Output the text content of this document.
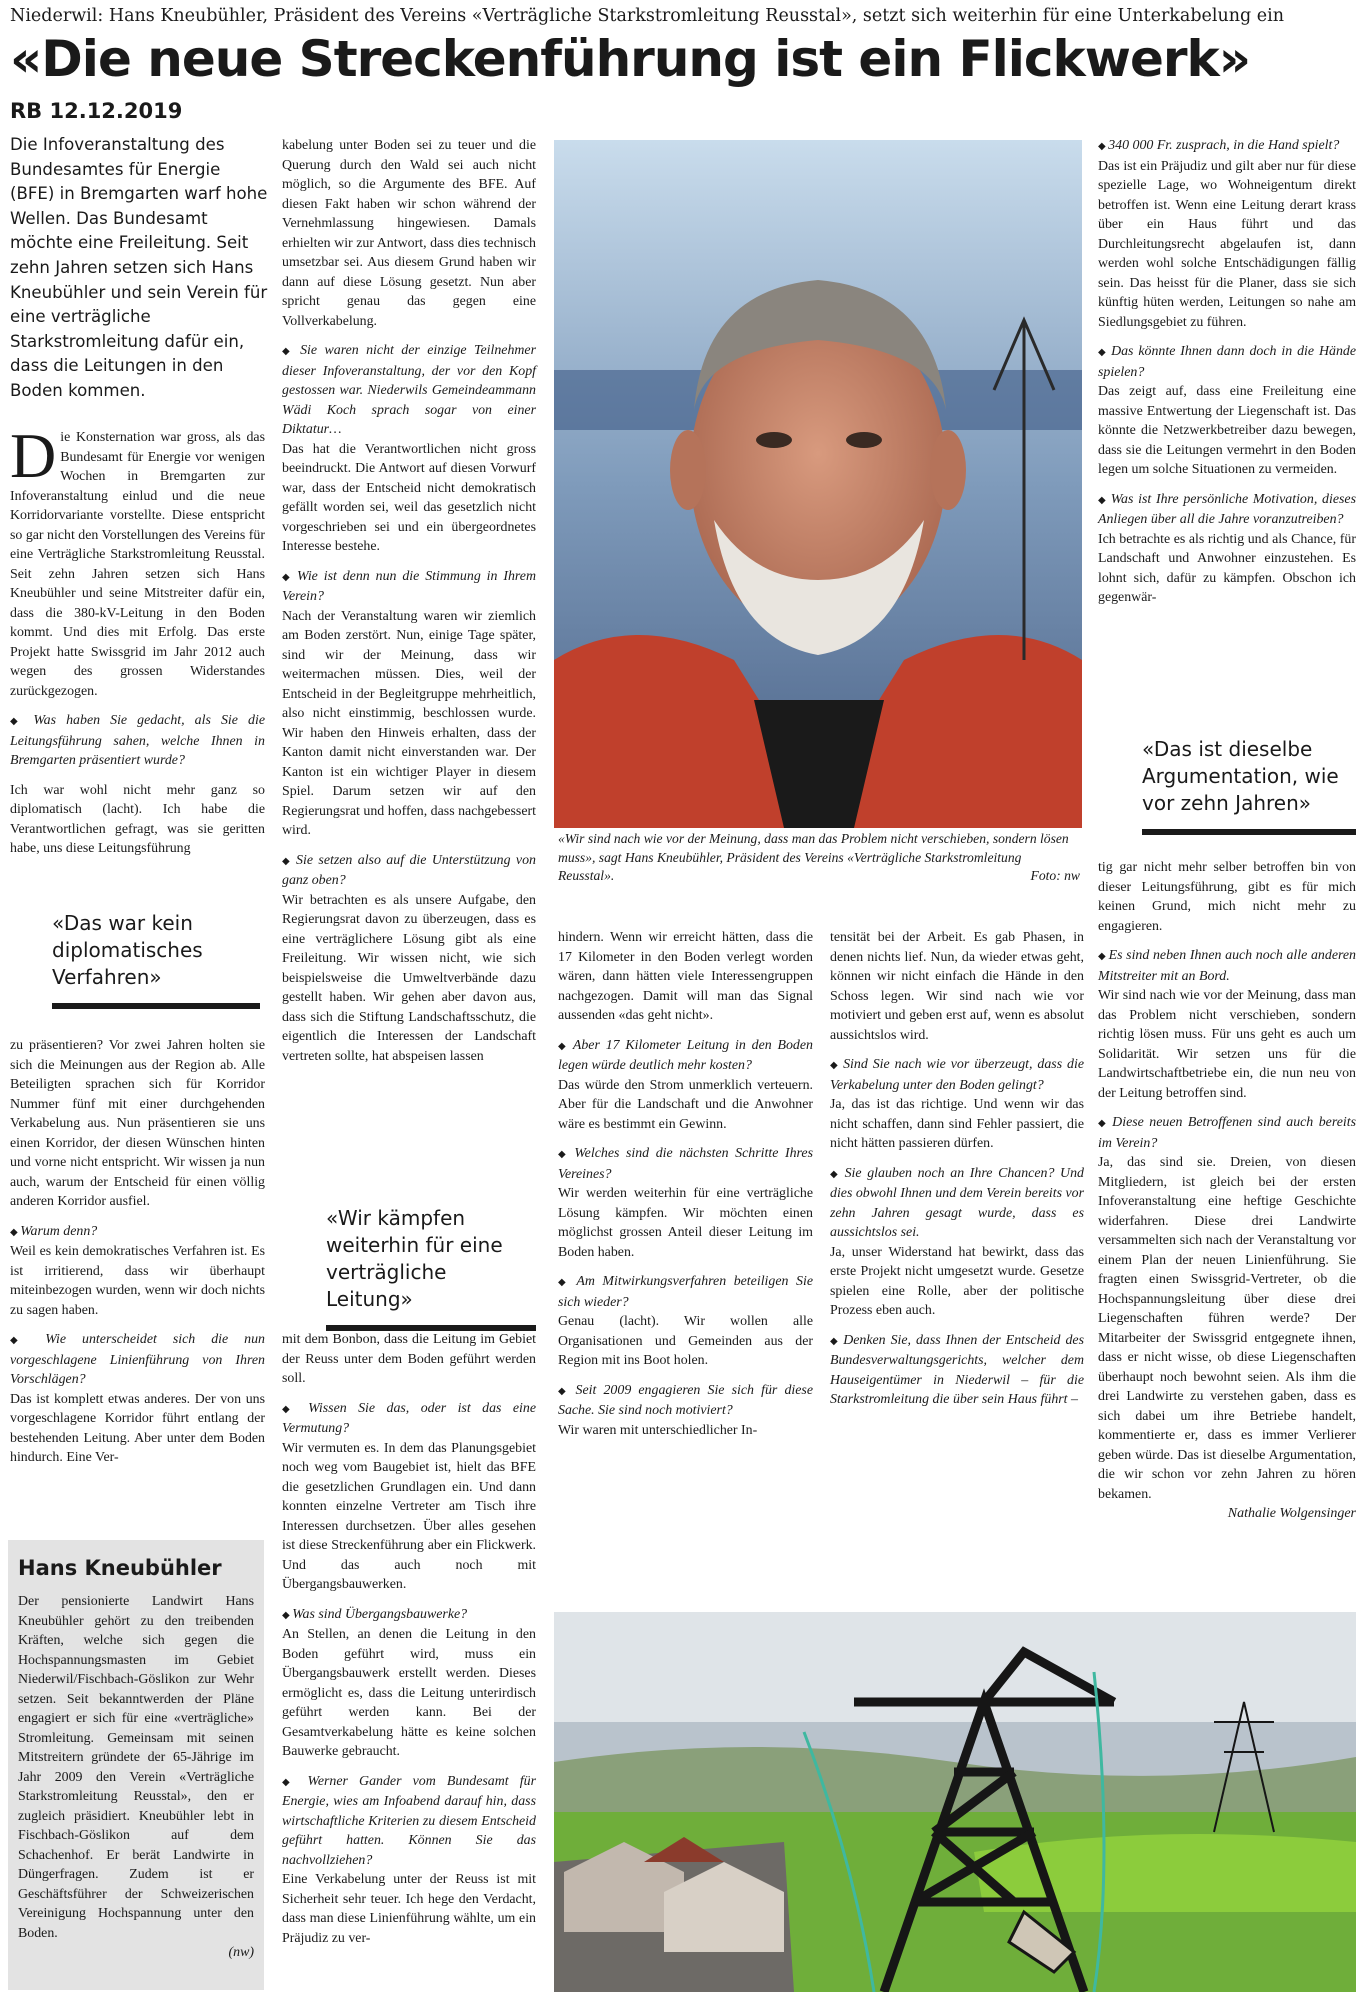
Niederwil: Hans Kneubühler, Präsident des Vereins «Verträgliche Starkstromleitung Reusstal», setzt sich weiterhin für eine Unterkabelung ein
«Die neue Streckenführung ist ein Flickwerk»
RB 12.12.2019
Die Infoveranstaltung des Bundesamtes für Energie (BFE) in Bremgarten warf hohe Wellen. Das Bundesamt möchte eine Freileitung. Seit zehn Jahren setzen sich Hans Kneubühler und sein Verein für eine verträgliche Starkstromleitung dafür ein, dass die Leitungen in den Boden kommen.

Die Konsternation war gross, als das Bundesamt für Energie vor wenigen Wochen in Bremgarten zur Infoveranstaltung einlud und die neue Korridorvariante vorstellte. Diese entspricht so gar nicht den Vorstellungen des Vereins für eine Verträgliche Starkstromleitung Reusstal. Seit zehn Jahren setzen sich Hans Kneubühler und seine Mitstreiter dafür ein, dass die 380-kV-Leitung in den Boden kommt. Und dies mit Erfolg. Das erste Projekt hatte Swissgrid im Jahr 2012 auch wegen des grossen Widerstandes zurückgezogen.

◆ Was haben Sie gedacht, als Sie die Leitungsführung sahen, welche Ihnen in Bremgarten präsentiert wurde?

Ich war wohl nicht mehr ganz so diplomatisch (lacht). Ich habe die Verantwortlichen gefragt, was sie geritten habe, uns diese Leitungsführung

«Das war kein diplomatisches Verfahren»

zu präsentieren? Vor zwei Jahren holten sie sich die Meinungen aus der Region ab. Alle Beteiligten sprachen sich für Korridor Nummer fünf mit einer durchgehenden Verkabelung aus. Nun präsentieren sie uns einen Korridor, der diesen Wünschen hinten und vorne nicht entspricht. Wir wissen ja nun auch, warum der Entscheid für einen völlig anderen Korridor ausfiel.

◆ Warum denn?

Weil es kein demokratisches Verfahren ist. Es ist irritierend, dass wir überhaupt miteinbezogen wurden, wenn wir doch nichts zu sagen haben.

◆ Wie unterscheidet sich die nun vorgeschlagene Linienführung von Ihren Vorschlägen?

Das ist komplett etwas anderes. Der von uns vorgeschlagene Korridor führt entlang der bestehenden Leitung. Aber unter dem Boden hindurch. Eine Ver-

Hans Kneubühler

Der pensionierte Landwirt Hans Kneubühler gehört zu den treibenden Kräften, welche sich gegen die Hochspannungsmasten im Gebiet Niederwil/Fischbach-Göslikon zur Wehr setzen. Seit bekanntwerden der Pläne engagiert er sich für eine «verträgliche» Stromleitung. Gemeinsam mit seinen Mitstreitern gründete der 65-Jährige im Jahr 2009 den Verein «Verträgliche Starkstromleitung Reusstal», den er zugleich präsidiert. Kneubühler lebt in Fischbach-Göslikon auf dem Schachenhof. Er berät Landwirte in Düngerfragen. Zudem ist er Geschäftsführer der Schweizerischen Vereinigung Hochspannung unter den Boden.

(nw)

kabelung unter Boden sei zu teuer und die Querung durch den Wald sei auch nicht möglich, so die Argumente des BFE. Auf diesen Fakt haben wir schon während der Vernehmlassung hingewiesen. Damals erhielten wir zur Antwort, dass dies technisch umsetzbar sei. Aus diesem Grund haben wir dann auf diese Lösung gesetzt. Nun aber spricht genau das gegen eine Vollverkabelung.

◆ Sie waren nicht der einzige Teilnehmer dieser Infoveranstaltung, der vor den Kopf gestossen war. Niederwils Gemeindeammann Wädi Koch sprach sogar von einer Diktatur…

Das hat die Verantwortlichen nicht gross beeindruckt. Die Antwort auf diesen Vorwurf war, dass der Entscheid nicht demokratisch gefällt worden sei, weil das gesetzlich nicht vorgeschrieben sei und ein übergeordnetes Interesse bestehe.

◆ Wie ist denn nun die Stimmung in Ihrem Verein?

Nach der Veranstaltung waren wir ziemlich am Boden zerstört. Nun, einige Tage später, sind wir der Meinung, dass wir weitermachen müssen. Dies, weil der Entscheid in der Begleitgruppe mehrheitlich, also nicht einstimmig, beschlossen wurde. Wir haben den Hinweis erhalten, dass der Kanton damit nicht einverstanden war. Der Kanton ist ein wichtiger Player in diesem Spiel. Darum setzen wir auf den Regierungsrat und hoffen, dass nachgebessert wird.

◆ Sie setzen also auf die Unterstützung von ganz oben?

Wir betrachten es als unsere Aufgabe, den Regierungsrat davon zu überzeugen, dass es eine verträglichere Lösung gibt als eine Freileitung. Wir wissen nicht, wie sich beispielsweise die Umweltverbände dazu gestellt haben. Wir gehen aber davon aus, dass sich die Stiftung Landschaftsschutz, die eigentlich die Interessen der Landschaft vertreten sollte, hat abspeisen lassen

«Wir kämpfen weiterhin für eine verträgliche Leitung»

mit dem Bonbon, dass die Leitung im Gebiet der Reuss unter dem Boden geführt werden soll.

◆ Wissen Sie das, oder ist das eine Vermutung?

Wir vermuten es. In dem das Planungsgebiet noch weg vom Baugebiet ist, hielt das BFE die gesetzlichen Grundlagen ein. Und dann konnten einzelne Vertreter am Tisch ihre Interessen durchsetzen. Über alles gesehen ist diese Streckenführung aber ein Flickwerk. Und das auch noch mit Übergangsbauwerken.

◆ Was sind Übergangsbauwerke?

An Stellen, an denen die Leitung in den Boden geführt wird, muss ein Übergangsbauwerk erstellt werden. Dieses ermöglicht es, dass die Leitung unterirdisch geführt werden kann. Bei der Gesamtverkabelung hätte es keine solchen Bauwerke gebraucht.

◆ Werner Gander vom Bundesamt für Energie, wies am Infoabend darauf hin, dass wirtschaftliche Kriterien zu diesem Entscheid geführt hatten. Können Sie das nachvollziehen?

Eine Verkabelung unter der Reuss ist mit Sicherheit sehr teuer. Ich hege den Verdacht, dass man diese Linienführung wählte, um ein Präjudiz zu ver-

«Wir sind nach wie vor der Meinung, dass man das Problem nicht verschieben, sondern lösen muss», sagt Hans Kneubühler, Präsident des Vereins «Verträgliche Starkstromleitung Reusstal».	Foto: nw

hindern. Wenn wir erreicht hätten, dass die 17 Kilometer in den Boden verlegt worden wären, dann hätten viele Interessengruppen nachgezogen. Damit will man das Signal aussenden «das geht nicht».

◆ Aber 17 Kilometer Leitung in den Boden legen würde deutlich mehr kosten?

Das würde den Strom unmerklich verteuern. Aber für die Landschaft und die Anwohner wäre es bestimmt ein Gewinn.

◆ Welches sind die nächsten Schritte Ihres Vereines?

Wir werden weiterhin für eine verträgliche Lösung kämpfen. Wir möchten einen möglichst grossen Anteil dieser Leitung im Boden haben.

◆ Am Mitwirkungsverfahren beteiligen Sie sich wieder?

Genau (lacht). Wir wollen alle Organisationen und Gemeinden aus der Region mit ins Boot holen.

◆ Seit 2009 engagieren Sie sich für diese Sache. Sie sind noch motiviert?

Wir waren mit unterschiedlicher In-

tensität bei der Arbeit. Es gab Phasen, in denen nichts lief. Nun, da wieder etwas geht, können wir nicht einfach die Hände in den Schoss legen. Wir sind nach wie vor motiviert und geben erst auf, wenn es absolut aussichtslos wird.

◆ Sind Sie nach wie vor überzeugt, dass die Verkabelung unter den Boden gelingt?

Ja, das ist das richtige. Und wenn wir das nicht schaffen, dann sind Fehler passiert, die nicht hätten passieren dürfen.

◆ Sie glauben noch an Ihre Chancen? Und dies obwohl Ihnen und dem Verein bereits vor zehn Jahren gesagt wurde, dass es aussichtslos sei.

Ja, unser Widerstand hat bewirkt, dass das erste Projekt nicht umgesetzt wurde. Gesetze spielen eine Rolle, aber der politische Prozess eben auch.

◆ Denken Sie, dass Ihnen der Entscheid des Bundesverwaltungsgerichts, welcher dem Hauseigentümer in Niederwil – für die Starkstromleitung die über sein Haus führt –

◆ 340 000 Fr. zusprach, in die Hand spielt?

Das ist ein Präjudiz und gilt aber nur für diese spezielle Lage, wo Wohneigentum direkt betroffen ist. Wenn eine Leitung derart krass über ein Haus führt und das Durchleitungsrecht abgelaufen ist, dann werden wohl solche Entschädigungen fällig sein. Das heisst für die Planer, dass sie sich künftig hüten werden, Leitungen so nahe am Siedlungsgebiet zu führen.

◆ Das könnte Ihnen dann doch in die Hände spielen?

Das zeigt auf, dass eine Freileitung eine massive Entwertung der Liegenschaft ist. Das könnte die Netzwerkbetreiber dazu bewegen, dass sie die Leitungen vermehrt in den Boden legen um solche Situationen zu vermeiden.

◆ Was ist Ihre persönliche Motivation, dieses Anliegen über all die Jahre voranzutreiben?

Ich betrachte es als richtig und als Chance, für Landschaft und Anwohner einzustehen. Es lohnt sich, dafür zu kämpfen. Obschon ich gegenwär-

«Das ist dieselbe Argumentation, wie vor zehn Jahren»

tig gar nicht mehr selber betroffen bin von dieser Leitungsführung, gibt es für mich keinen Grund, mich nicht mehr zu engagieren.

◆ Es sind neben Ihnen auch noch alle anderen Mitstreiter mit an Bord.

Wir sind nach wie vor der Meinung, dass man das Problem nicht verschieben, sondern richtig lösen muss. Für uns geht es auch um Solidarität. Wir setzen uns für die Landwirtschaftbetriebe ein, die nun neu von der Leitung betroffen sind.

◆ Diese neuen Betroffenen sind auch bereits im Verein?

Ja, das sind sie. Dreien, von diesen Mitgliedern, ist gleich bei der ersten Infoveranstaltung eine heftige Geschichte widerfahren. Diese drei Landwirte versammelten sich nach der Veranstaltung vor einem Plan der neuen Linienführung. Sie fragten einen Swissgrid-Vertreter, ob die Hochspannungsleitung über diese drei Liegenschaften führen werde? Der Mitarbeiter der Swissgrid entgegnete ihnen, dass er nicht wisse, ob diese Liegenschaften überhaupt noch bewohnt seien. Als ihm die drei Landwirte zu verstehen gaben, dass es sich dabei um ihre Betriebe handelt, kommentierte er, dass es immer Verlierer geben würde. Das ist dieselbe Argumentation, die wir schon vor zehn Jahren zu hören bekamen.

Nathalie Wolgensinger
